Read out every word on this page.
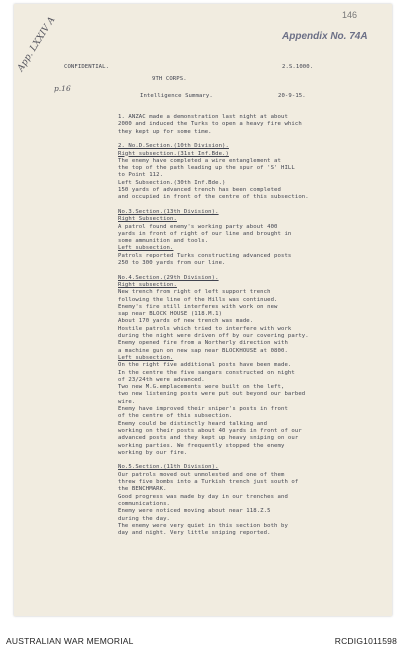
146
Appendix No. 74A
App. LXXIV A
p.16
CONFIDENTIAL.
9TH CORPS.
2.S.1000.
Intelligence Summary.	20-9-15.
1. ANZAC made a demonstration last night at about
2000 and induced the Turks to open a heavy fire which
they kept up for some time.
2. No.D.Section.(10th Division).
Right subsection.(31st Inf.Bde.)
The enemy have completed a wire entanglement at
the top of the path leading up the spur of 'S' HILL
to Point 112.
Left Subsection.(30th Inf.Bde.)
150 yards of advanced trench has been completed
and occupied in front of the centre of this subsection.
No.3.Section.(13th Division).
Right Subsection.
A patrol found enemy's working party about 400
yards in front of right of our line and brought in
some ammunition and tools.
Left subsection.
Patrols reported Turks constructing advanced posts
250 to 300 yards from our line.
No.4.Section.(29th Division).
Right subsection.
New trench from right of left support trench
following the line of the Hills was continued.
Enemy's fire still interferes with work on new
sap near BLOCK HOUSE (118.M.1)
About 170 yards of new trench was made.
Hostile patrols which tried to interfere with work
during the night were driven off by our covering party.
Enemy opened fire from a Northerly direction with
a machine gun on new sap near BLOCKHOUSE at 0800.
Left subsection.
On the right five additional posts have been made.
In the centre the five sangars constructed on night
of 23/24th were advanced.
Two new M.G.emplacements were built on the left,
two new listening posts were put out beyond our barbed
wire.
Enemy have improved their sniper's posts in front
of the centre of this subsection.
Enemy could be distinctly heard talking and
working on their posts about 40 yards in front of our
advanced posts and they kept up heavy sniping on our
working parties. We frequently stopped the enemy
working by our fire.
No.5.Section.(11th Division).
Our patrols moved out unmolested and one of them
threw five bombs into a Turkish trench just south of
the BENCHMARK.
Good progress was made by day in our trenches and
communications.
Enemy were noticed moving about near 118.Z.5
during the day.
The enemy were very quiet in this section both by
day and night. Very little sniping reported.
AUSTRALIAN WAR MEMORIAL	RCDIG1011598
